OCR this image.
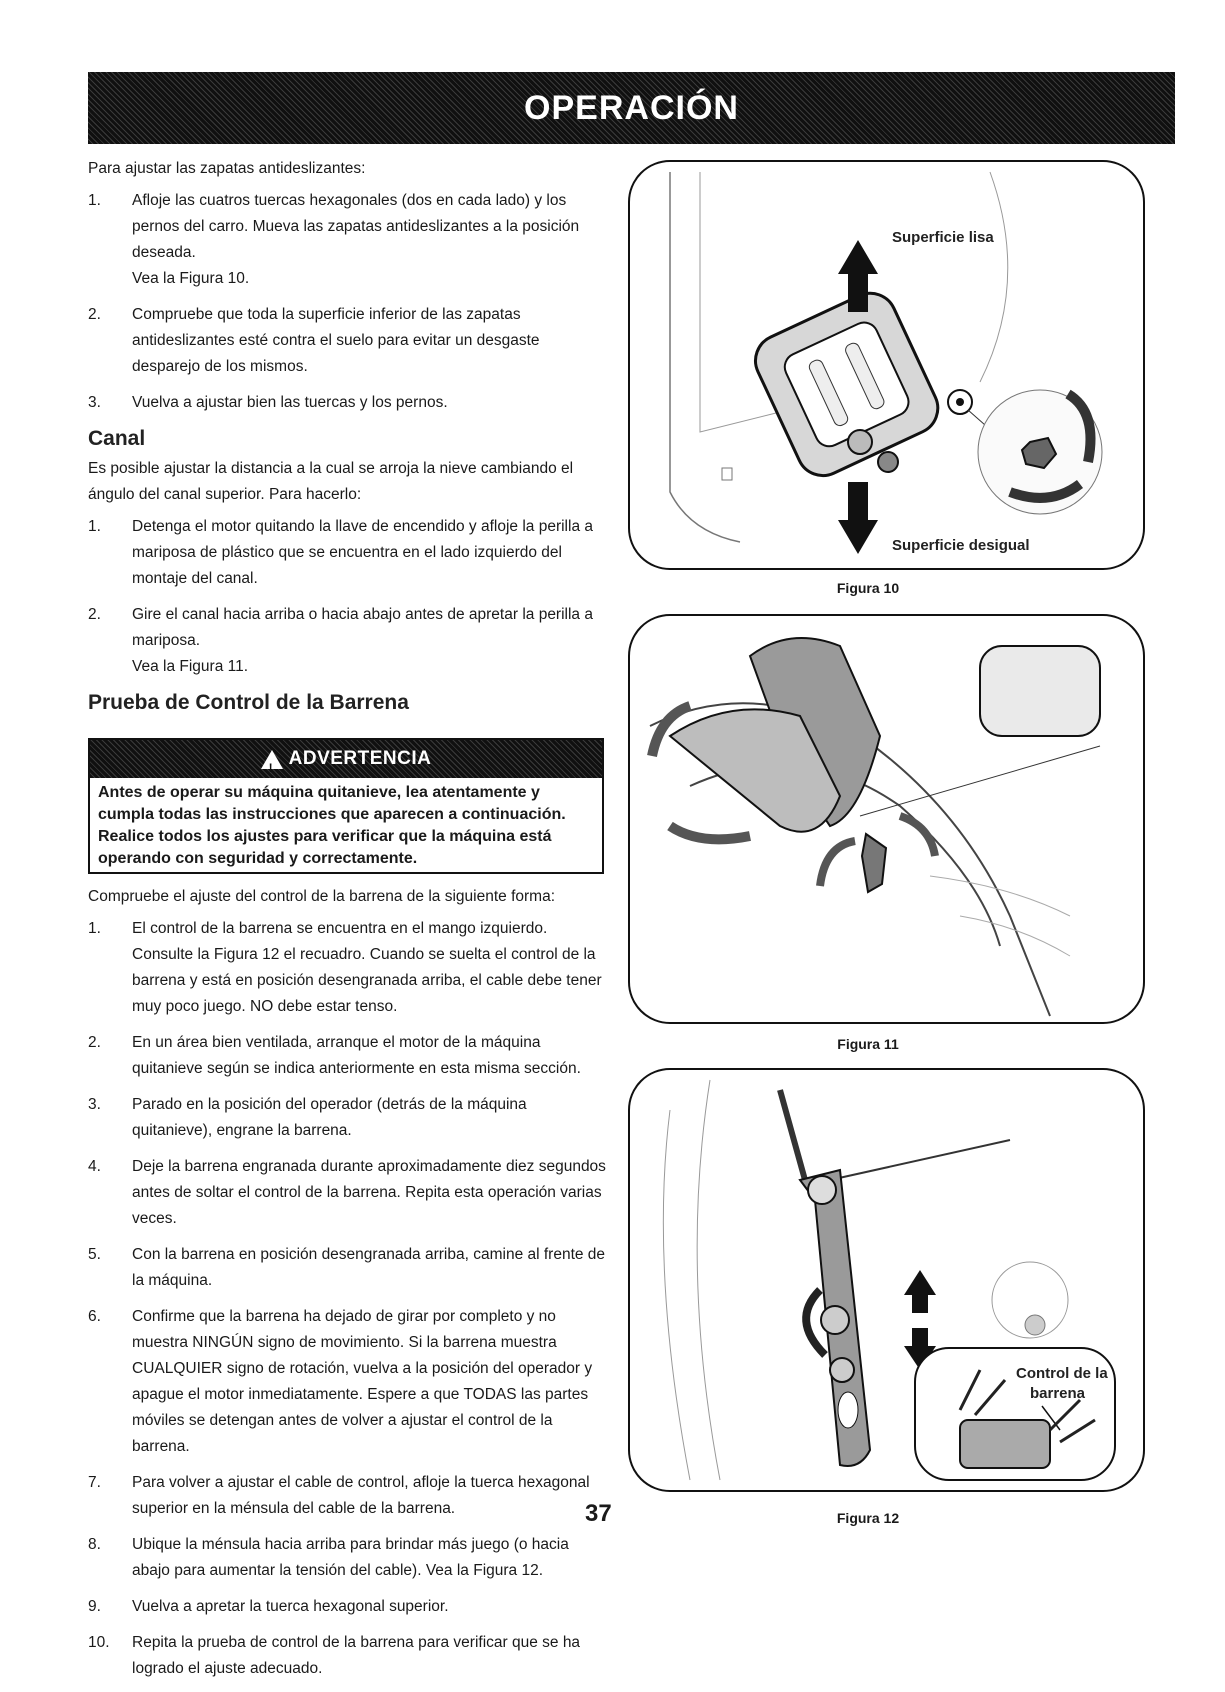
OPERACIÓN

Para ajustar las zapatas antideslizantes:

1. Afloje las cuatros tuercas hexagonales (dos en cada lado) y los pernos del carro. Mueva las zapatas antideslizantes a la posición deseada.
Vea la Figura 10.
2. Compruebe que toda la superficie inferior de las zapatas antideslizantes esté contra el suelo para evitar un desgaste desparejo de los mismos.
3. Vuelva a ajustar bien las tuercas y los pernos.
Canal

Es posible ajustar la distancia a la cual se arroja la nieve cambiando el ángulo del canal superior. Para hacerlo:

1. Detenga el motor quitando la llave de encendido y afloje la perilla a mariposa de plástico que se encuentra en el lado izquierdo del montaje del canal.
2. Gire el canal hacia arriba o hacia abajo antes de apretar la perilla a mariposa.
Vea la Figura 11.
Prueba de Control de la Barrena
! ADVERTENCIA
Antes de operar su máquina quitanieve, lea atentamente y cumpla todas las instrucciones que aparecen a continuación. Realice todos los ajustes para verificar que la máquina está operando con seguridad y correctamente.

Compruebe el ajuste del control de la barrena de la siguiente forma:

1. El control de la barrena se encuentra en el mango izquierdo. Consulte la Figura 12 el recuadro. Cuando se suelta el control de la barrena y está en posición desengranada arriba, el cable debe tener muy poco juego. NO debe estar tenso.
2. En un área bien ventilada, arranque el motor de la máquina quitanieve según se indica anteriormente en esta misma sección.
3. Parado en la posición del operador (detrás de la máquina quitanieve), engrane la barrena.
4. Deje la barrena engranada durante aproximadamente diez segundos antes de soltar el control de la barrena. Repita esta operación varias veces.
5. Con la barrena en posición desengranada arriba, camine al frente de la máquina.
6. Confirme que la barrena ha dejado de girar por completo y no muestra NINGÚN signo de movimiento. Si la barrena muestra CUALQUIER signo de rotación, vuelva a la posición del operador y apague el motor inmediatamente. Espere a que TODAS las partes móviles se detengan antes de volver a ajustar el control de la barrena.
7. Para volver a ajustar el cable de control, afloje la tuerca hexagonal superior en la ménsula del cable de la barrena.
8. Ubique la ménsula hacia arriba para brindar más juego (o hacia abajo para aumentar la tensión del cable). Vea la Figura 12.
9. Vuelva a apretar la tuerca hexagonal superior.
10. Repita la prueba de control de la barrena para verificar que se ha logrado el ajuste adecuado.
Superficie lisa
Superficie desigual
Figura 10
Figura 11
Control de la
barrena
Figura 12
37
